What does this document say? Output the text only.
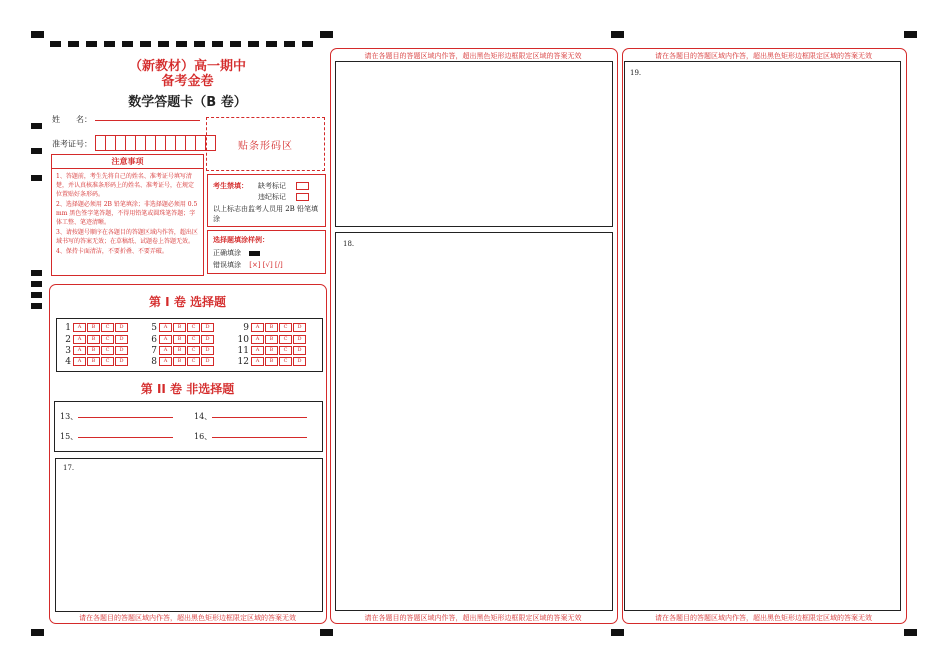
（新教材）高一期中
备考金卷
数学答题卡（B 卷）
姓　　名：
准考证号：	贴条形码区
注意事项
1、答题前，考生先将自己的姓名、准考证号填写清楚，并认真核准条形码上的姓名、准考证号，在规定位置贴好条形码。
2、选择题必须用 2B 铅笔填涂；非选择题必须用 0.5 mm 黑色签字笔答题，不得用铅笔或圆珠笔答题；字体工整、笔迹清晰。
3、请按题号顺序在各题目的答题区域内作答，超出区域书写的答案无效；在草稿纸、试题卷上答题无效。
4、保持卡面清洁，不要折叠、不要弄破。
考生禁填： 缺考标记
违纪标记
以上标志由监考人员用 2B 铅笔填涂
选择题填涂样例：
正确填涂
错误填涂 [×] [√] [/]
第 I 卷 选择题
1 A B C D
2 A B C D
3 A B C D
4 A B C D
5 A B C D
6 A B C D
7 A B C D
8 A B C D
9 A B C D
10 A B C D
11 A B C D
12 A B C D
第 II 卷 非选择题
13、	14、
15、	16、
17.
请在各题目的答题区域内作答，超出黑色矩形边框限定区域的答案无效
请在各题目的答题区域内作答，超出黑色矩形边框限定区域的答案无效
18.
请在各题目的答题区域内作答，超出黑色矩形边框限定区域的答案无效
请在各题目的答题区域内作答，超出黑色矩形边框限定区域的答案无效
19.
请在各题目的答题区域内作答，超出黑色矩形边框限定区域的答案无效
